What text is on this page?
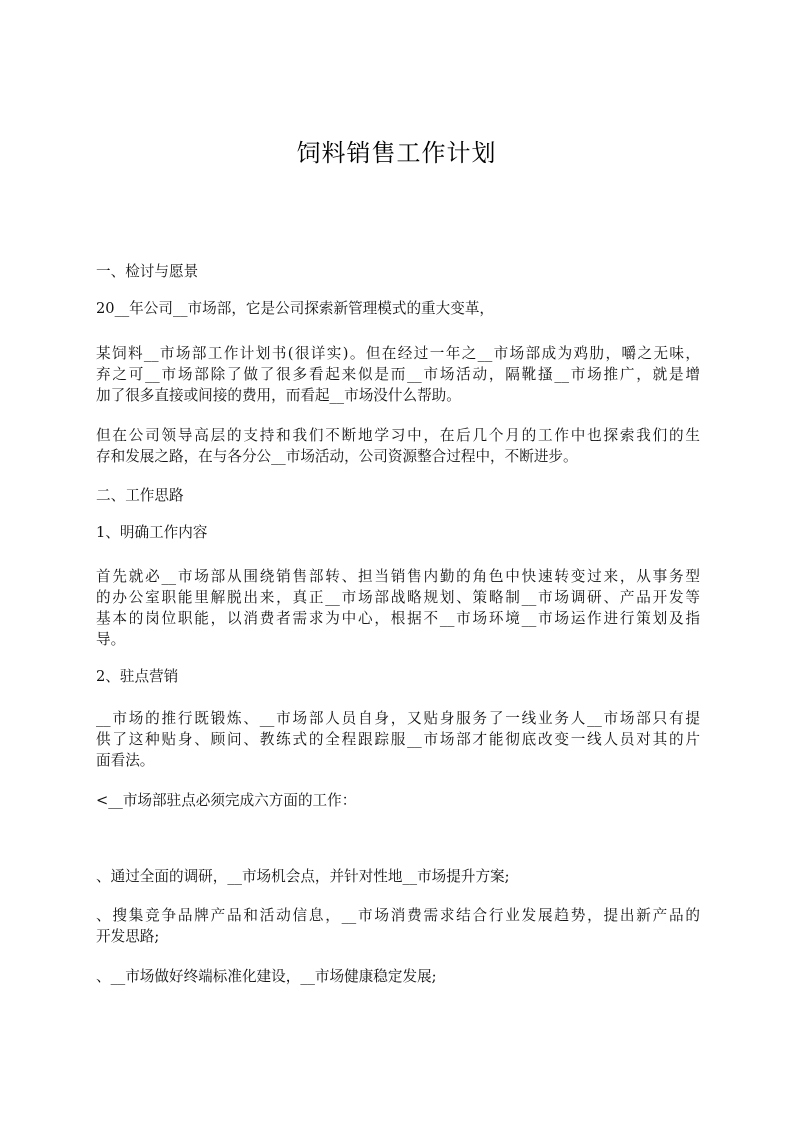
饲料销售工作计划

一、检讨与愿景

20__年公司__市场部，它是公司探索新管理模式的重大变革，

某饲料__市场部工作计划书(很详实)。但在经过一年之__市场部成为鸡肋，嚼之无味，
弃之可__市场部除了做了很多看起来似是而__市场活动，隔靴搔__市场推广，就是增
加了很多直接或间接的费用，而看起__市场没什么帮助。

但在公司领导高层的支持和我们不断地学习中，在后几个月的工作中也探索我们的生
存和发展之路，在与各分公__市场活动，公司资源整合过程中，不断进步。

二、工作思路

1、明确工作内容

首先就必__市场部从围绕销售部转、担当销售内勤的角色中快速转变过来，从事务型
的办公室职能里解脱出来，真正__市场部战略规划、策略制__市场调研、产品开发等
基本的岗位职能，以消费者需求为中心，根据不__市场环境__市场运作进行策划及指
导。

2、驻点营销

__市场的推行既锻炼、__市场部人员自身，又贴身服务了一线业务人__市场部只有提
供了这种贴身、顾问、教练式的全程跟踪服__市场部才能彻底改变一线人员对其的片
面看法。

<__市场部驻点必须完成六方面的工作：

、通过全面的调研，__市场机会点，并针对性地__市场提升方案;

、搜集竞争品牌产品和活动信息，__市场消费需求结合行业发展趋势，提出新产品的
开发思路;

、__市场做好终端标准化建设，__市场健康稳定发展;
